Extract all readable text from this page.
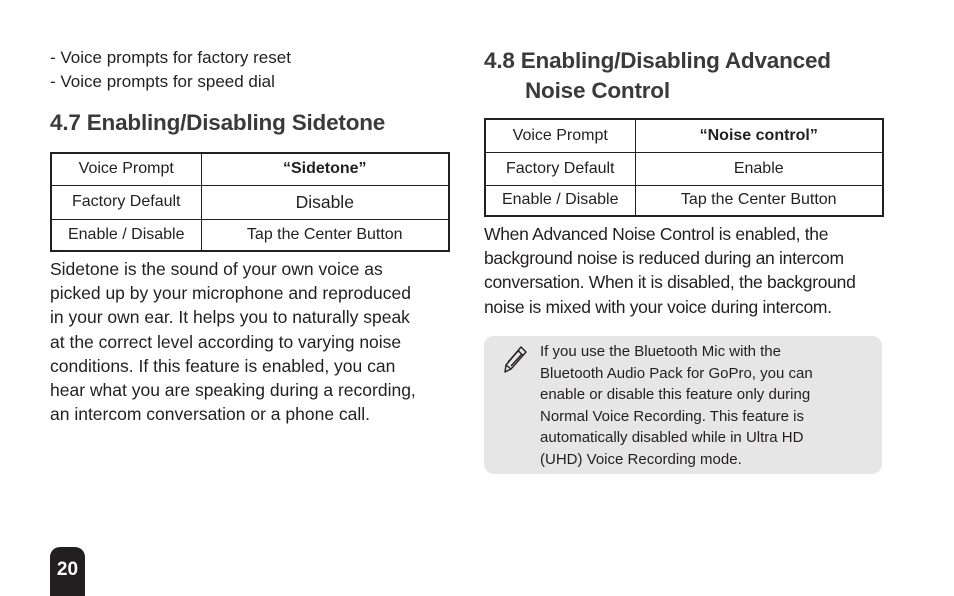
- Voice prompts for factory reset
- Voice prompts for speed dial
4.7 Enabling/Disabling Sidetone
Voice Prompt	“Sidetone”
Factory Default	Disable
Enable / Disable	Tap the Center Button
Sidetone is the sound of your own voice as
picked up by your microphone and reproduced
in your own ear. It helps you to naturally speak
at the correct level according to varying noise
conditions. If this feature is enabled, you can
hear what you are speaking during a recording,
an intercom conversation or a phone call.
4.8 Enabling/Disabling Advanced
Noise Control
Voice Prompt	“Noise control”
Factory Default	Enable
Enable / Disable	Tap the Center Button
When Advanced Noise Control is enabled, the
background noise is reduced during an intercom
conversation. When it is disabled, the background
noise is mixed with your voice during intercom.
If you use the Bluetooth Mic with the
Bluetooth Audio Pack for GoPro, you can
enable or disable this feature only during
Normal Voice Recording. This feature is
automatically disabled while in Ultra HD
(UHD) Voice Recording mode.
20
